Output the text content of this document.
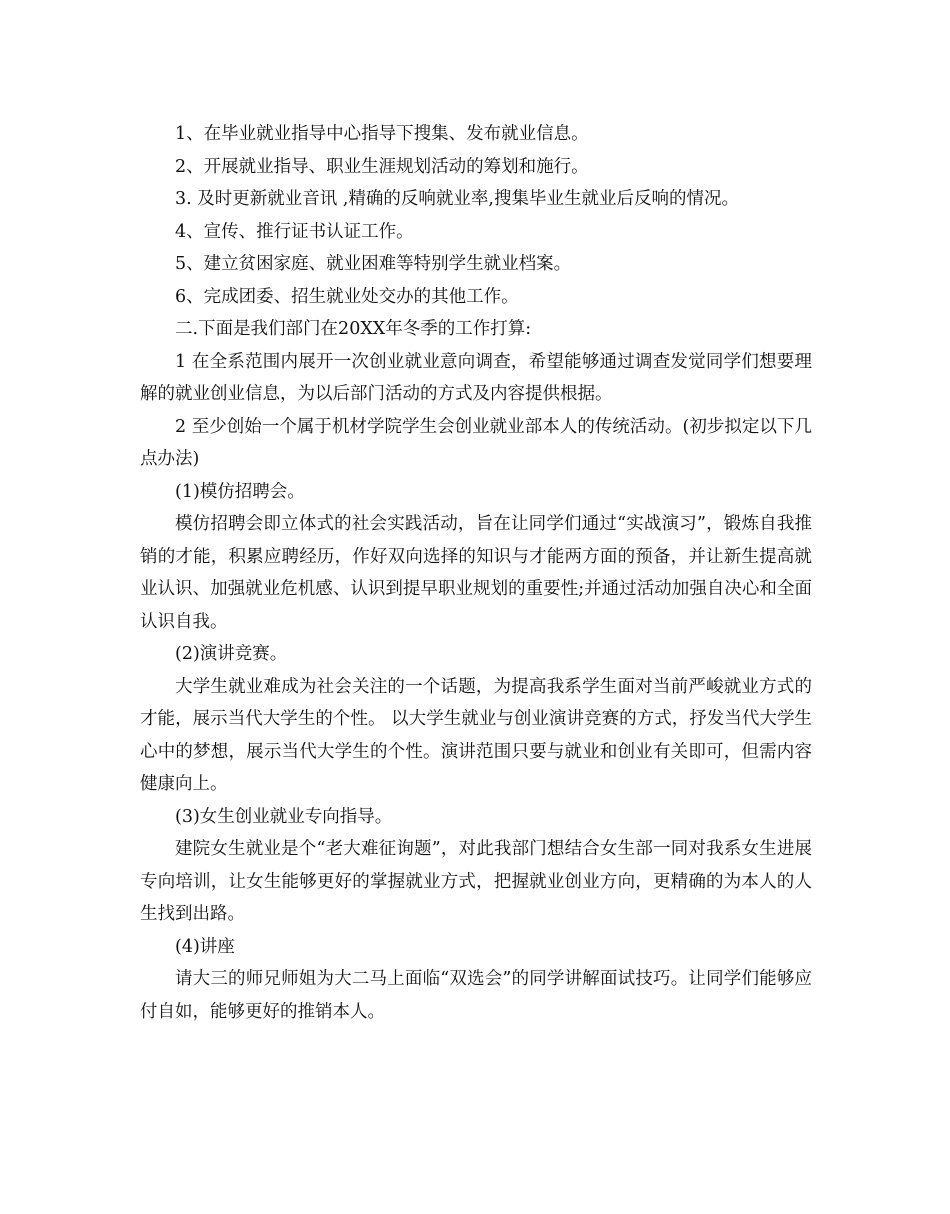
1、在毕业就业指导中心指导下搜集、发布就业信息。

2、开展就业指导、职业生涯规划活动的筹划和施行。

3. 及时更新就业音讯 ,精确的反响就业率,搜集毕业生就业后反响的情况。

4、宣传、推行证书认证工作。

5、建立贫困家庭、就业困难等特别学生就业档案。

6、完成团委、招生就业处交办的其他工作。

二.下面是我们部门在20XX年冬季的工作打算:

1 在全系范围内展开一次创业就业意向调查，希望能够通过调查发觉同学们想要理解的就业创业信息，为以后部门活动的方式及内容提供根据。

2 至少创始一个属于机材学院学生会创业就业部本人的传统活动。(初步拟定以下几点办法)

(1)模仿招聘会。

模仿招聘会即立体式的社会实践活动，旨在让同学们通过“实战演习”，锻炼自我推销的才能，积累应聘经历，作好双向选择的知识与才能两方面的预备，并让新生提高就业认识、加强就业危机感、认识到提早职业规划的重要性;并通过活动加强自决心和全面认识自我。

(2)演讲竞赛。

大学生就业难成为社会关注的一个话题，为提高我系学生面对当前严峻就业方式的才能，展示当代大学生的个性。 以大学生就业与创业演讲竞赛的方式，抒发当代大学生心中的梦想，展示当代大学生的个性。演讲范围只要与就业和创业有关即可，但需内容健康向上。

(3)女生创业就业专向指导。

建院女生就业是个“老大难征询题”，对此我部门想结合女生部一同对我系女生进展专向培训，让女生能够更好的掌握就业方式，把握就业创业方向，更精确的为本人的人生找到出路。

(4)讲座

请大三的师兄师姐为大二马上面临“双选会”的同学讲解面试技巧。让同学们能够应付自如，能够更好的推销本人。
